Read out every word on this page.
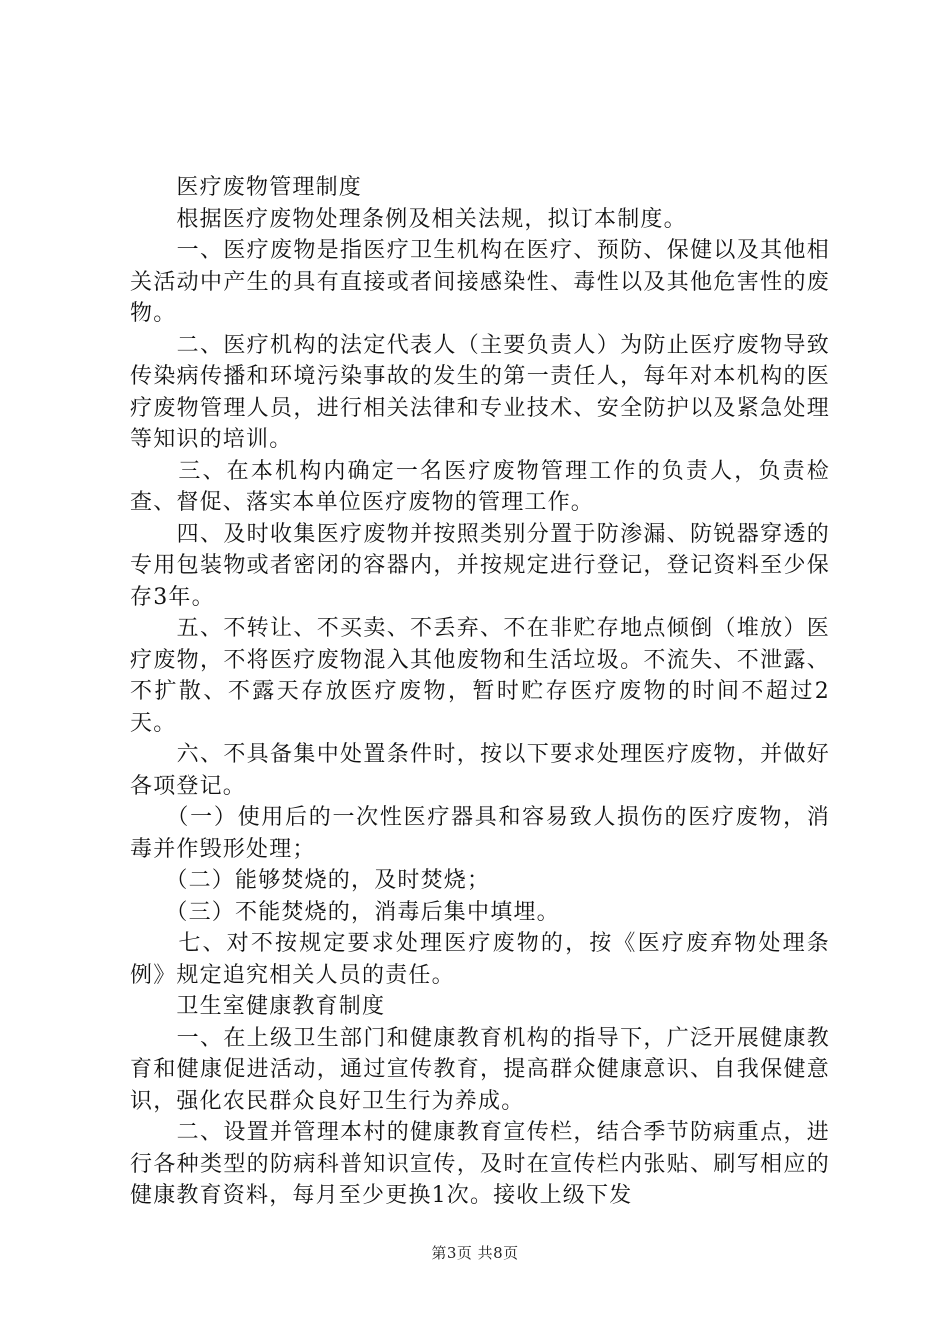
　　医疗废物管理制度

　　根据医疗废物处理条例及相关法规，拟订本制度。

　　一、医疗废物是指医疗卫生机构在医疗、预防、保健以及其他相关活动中产生的具有直接或者间接感染性、毒性以及其他危害性的废物。

　　二、医疗机构的法定代表人（主要负责人）为防止医疗废物导致传染病传播和环境污染事故的发生的第一责任人，每年对本机构的医疗废物管理人员，进行相关法律和专业技术、安全防护以及紧急处理等知识的培训。

　　三、在本机构内确定一名医疗废物管理工作的负责人，负责检查、督促、落实本单位医疗废物的管理工作。

　　四、及时收集医疗废物并按照类别分置于防渗漏、防锐器穿透的专用包装物或者密闭的容器内，并按规定进行登记，登记资料至少保存3年。

　　五、不转让、不买卖、不丢弃、不在非贮存地点倾倒（堆放）医疗废物，不将医疗废物混入其他废物和生活垃圾。不流失、不泄露、不扩散、不露天存放医疗废物，暂时贮存医疗废物的时间不超过2天。

　　六、不具备集中处置条件时，按以下要求处理医疗废物，并做好各项登记。

　　（一）使用后的一次性医疗器具和容易致人损伤的医疗废物，消毒并作毁形处理；

　　（二）能够焚烧的，及时焚烧；

　　（三）不能焚烧的，消毒后集中填埋。

　　七、对不按规定要求处理医疗废物的，按《医疗废弃物处理条例》规定追究相关人员的责任。

　　卫生室健康教育制度

　　一、在上级卫生部门和健康教育机构的指导下，广泛开展健康教育和健康促进活动，通过宣传教育，提高群众健康意识、自我保健意识，强化农民群众良好卫生行为养成。

　　二、设置并管理本村的健康教育宣传栏，结合季节防病重点，进行各种类型的防病科普知识宣传，及时在宣传栏内张贴、刷写相应的健康教育资料，每月至少更换1次。接收上级下发

第3页 共8页
